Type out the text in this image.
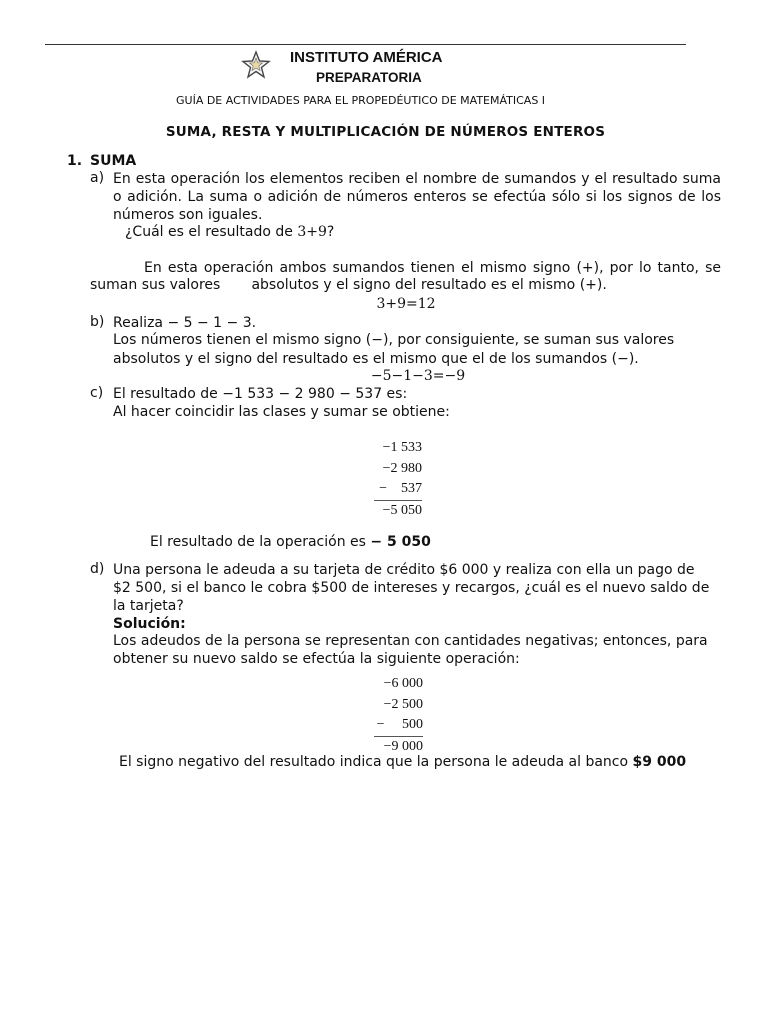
INSTITUTO AMÉRICA
PREPARATORIA
GUÍA DE ACTIVIDADES PARA EL PROPEDÉUTICO DE MATEMÁTICAS I
SUMA, RESTA Y MULTIPLICACIÓN DE NÚMEROS ENTEROS
1. SUMA
a) En esta operación los elementos reciben el nombre de sumandos y el resultado suma o adición. La suma o adición de números enteros se efectúa sólo si los signos de los números son iguales.
¿Cuál es el resultado de 3+9?
En esta operación ambos sumandos tienen el mismo signo (+), por lo tanto, se
suman sus valores       absolutos y el signo del resultado es el mismo (+).
3+9=12
b) Realiza − 5 − 1 − 3.
Los números tienen el mismo signo (−), por consiguiente, se suman sus valores
absolutos y el signo del resultado es el mismo que el de los sumandos (−).
−5−1−3=−9
c) El resultado de −1 533 − 2 980 − 537 es:
Al hacer coincidir las clases y sumar se obtiene:
−1 533
−2 980
−    537
−5 050
El resultado de la operación es − 5 050
d) Una persona le adeuda a su tarjeta de crédito $6 000 y realiza con ella un pago de $2 500, si el banco le cobra $500 de intereses y recargos, ¿cuál es el nuevo saldo de la tarjeta?
Solución:
Los adeudos de la persona se representan con cantidades negativas; entonces, para obtener su nuevo saldo se efectúa la siguiente operación:
−6 000
−2 500
−     500
−9 000
El signo negativo del resultado indica que la persona le adeuda al banco $9 000
